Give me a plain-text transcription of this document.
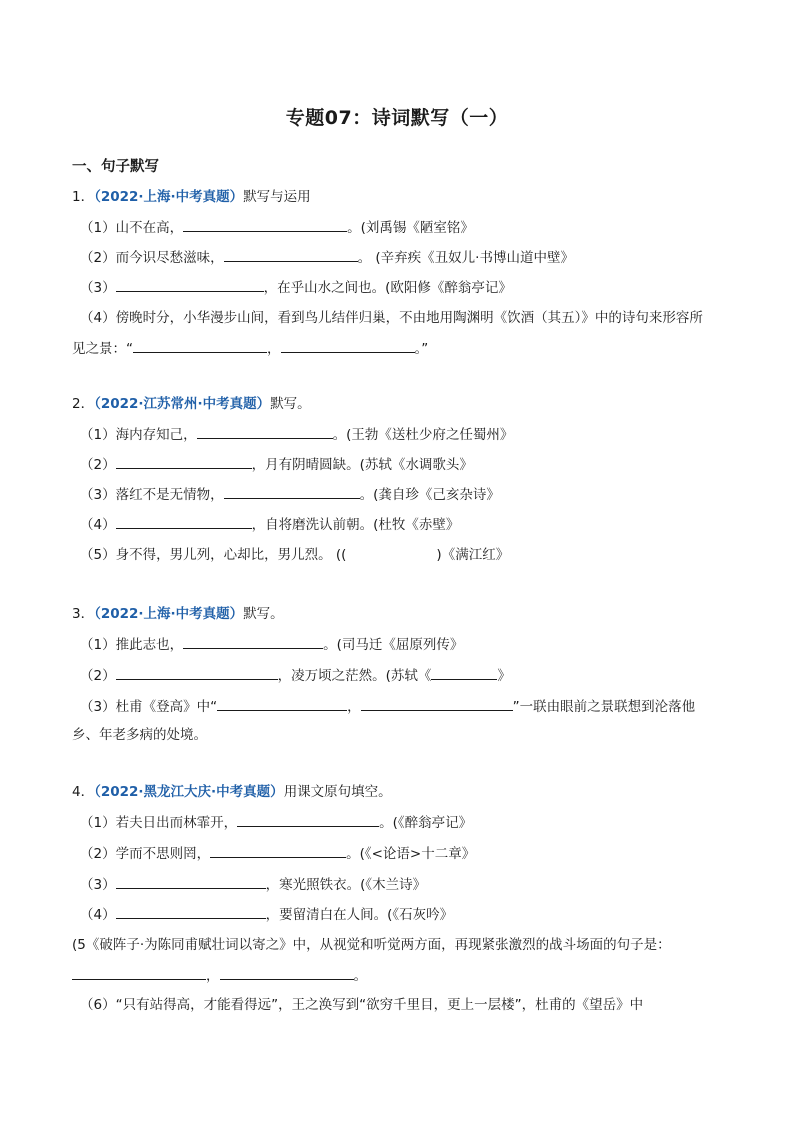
专题07：诗词默写（一）
一、句子默写
1．（2022·上海·中考真题）默写与运用
（1）山不在高，	。(刘禹锡《陋室铭》
（2）而今识尽愁滋味，	。 (辛弃疾《丑奴儿·书博山道中壁》
（3）	，在乎山水之间也。(欧阳修《醉翁亭记》
（4）傍晚时分，小华漫步山间，看到鸟儿结伴归巢，不由地用陶渊明《饮酒（其五）》中的诗句来形容所
见之景：“	，	。”
2．（2022·江苏常州·中考真题）默写。
（1）海内存知己，	。(王勃《送杜少府之任蜀州》
（2）	，月有阴晴圆缺。(苏轼《水调歌头》
（3）落红不是无情物，	。(龚自珍《己亥杂诗》
（4）	，自将磨洗认前朝。(杜牧《赤壁》
（5）身不得，男儿列，心却比，男儿烈。 ((	)《满江红》
3．（2022·上海·中考真题）默写。
（1）推此志也，	。(司马迁《屈原列传》
（2）	，凌万顷之茫然。(苏轼《	》
（3）杜甫《登高》中“	，	”一联由眼前之景联想到沦落他
乡、年老多病的处境。
4．（2022·黑龙江大庆·中考真题）用课文原句填空。
（1）若夫日出而林霏开，	。(《醉翁亭记》
（2）学而不思则罔，	。(《<论语>十二章》
（3）	，寒光照铁衣。(《木兰诗》
（4）	，要留清白在人间。(《石灰吟》
(5《破阵子·为陈同甫赋壮词以寄之》中，从视觉和听觉两方面，再现紧张激烈的战斗场面的句子是：
，	。
（6）“只有站得高，才能看得远”，王之涣写到“欲穷千里目，更上一层楼”，杜甫的《望岳》中
